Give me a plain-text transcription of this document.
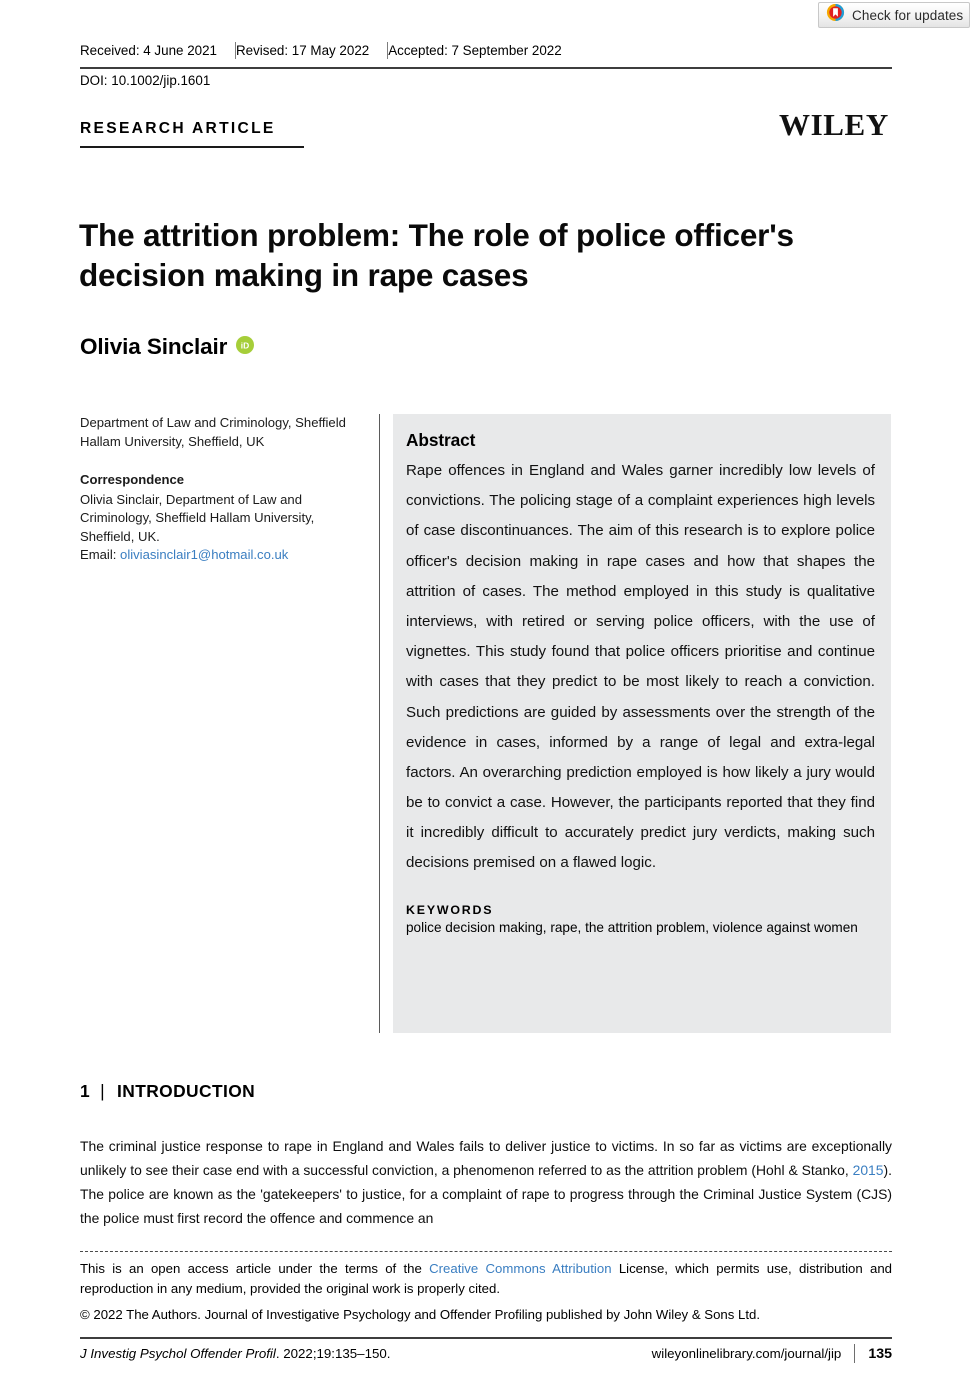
Check for updates
Received: 4 June 2021	Revised: 17 May 2022	Accepted: 7 September 2022
DOI: 10.1002/jip.1601
RESEARCH ARTICLE	WILEY
The attrition problem: The role of police officer's decision making in rape cases
Olivia Sinclair iD

Department of Law and Criminology, Sheffield Hallam University, Sheffield, UK

Correspondence

Olivia Sinclair, Department of Law and Criminology, Sheffield Hallam University, Sheffield, UK.

Email: oliviasinclair1@hotmail.co.uk

Abstract

Rape offences in England and Wales garner incredibly low levels of convictions. The policing stage of a complaint experiences high levels of case discontinuances. The aim of this research is to explore police officer's decision making in rape cases and how that shapes the attrition of cases. The method employed in this study is qualitative interviews, with retired or serving police officers, with the use of vignettes. This study found that police officers prioritise and continue with cases that they predict to be most likely to reach a conviction. Such predictions are guided by assessments over the strength of the evidence in cases, informed by a range of legal and extra-legal factors. An overarching prediction employed is how likely a jury would be to convict a case. However, the participants reported that they find it incredibly difficult to accurately predict jury verdicts, making such decisions premised on a flawed logic.

KEYWORDS

police decision making, rape, the attrition problem, violence against women

1 | INTRODUCTION

The criminal justice response to rape in England and Wales fails to deliver justice to victims. In so far as victims are exceptionally unlikely to see their case end with a successful conviction, a phenomenon referred to as the attrition problem (Hohl & Stanko, 2015). The police are known as the 'gatekeepers' to justice, for a complaint of rape to progress through the Criminal Justice System (CJS) the police must first record the offence and commence an

This is an open access article under the terms of the Creative Commons Attribution License, which permits use, distribution and reproduction in any medium, provided the original work is properly cited.

© 2022 The Authors. Journal of Investigative Psychology and Offender Profiling published by John Wiley & Sons Ltd.

J Investig Psychol Offender Profil. 2022;19:135–150.	wileyonlinelibrary.com/journal/jip	135
